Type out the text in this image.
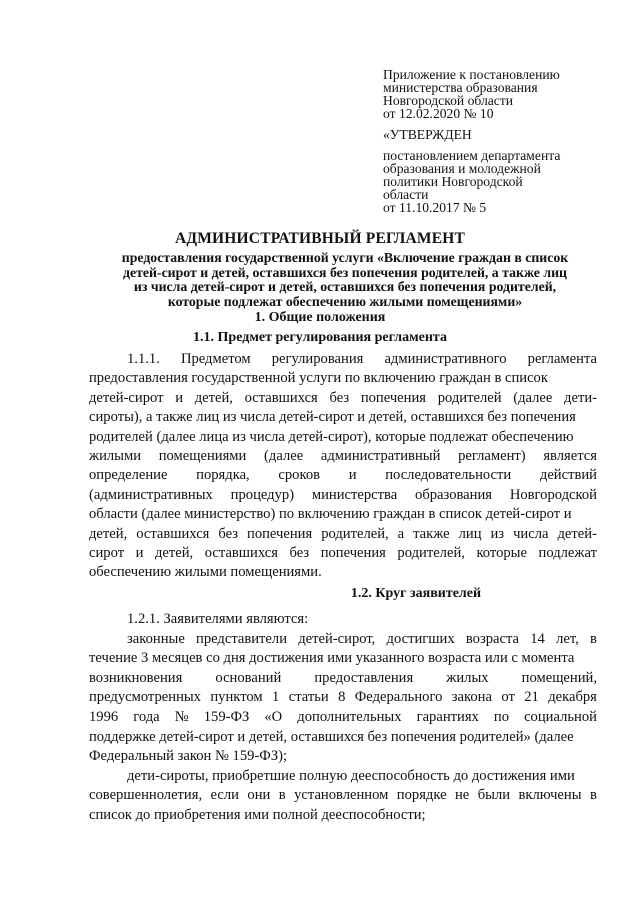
Приложение к постановлению
министерства образования
Новгородской области
от 12.02.2020 № 10
«УТВЕРЖДЕН
постановлением департамента
образования и молодежной
политики Новгородской
области
от 11.10.2017 № 5
АДМИНИСТРАТИВНЫЙ РЕГЛАМЕНТ
предоставления государственной услуги «Включение граждан в список
детей-сирот и детей, оставшихся без попечения родителей, а также лиц
из числа детей-сирот и детей, оставшихся без попечения родителей,
которые подлежат обеспечению жилыми помещениями»
1. Общие положения
1.1. Предмет регулирования регламента
1.1.1. Предметом регулирования административного регламента
предоставления государственной услуги по включению граждан в список
детей-сирот и детей, оставшихся без попечения родителей (далее дети-
сироты), а также лиц из числа детей-сирот и детей, оставшихся без попечения
родителей (далее лица из числа детей-сирот), которые подлежат обеспечению
жилыми помещениями (далее административный регламент) является
определение порядка, сроков и последовательности действий
(административных процедур) министерства образования Новгородской
области (далее министерство) по включению граждан в список детей-сирот и
детей, оставшихся без попечения родителей, а также лиц из числа детей-
сирот и детей, оставшихся без попечения родителей, которые подлежат
обеспечению жилыми помещениями.
1.2. Круг заявителей
1.2.1. Заявителями являются:
законные представители детей-сирот, достигших возраста 14 лет, в
течение 3 месяцев со дня достижения ими указанного возраста или с момента
возникновения оснований предоставления жилых помещений,
предусмотренных пунктом 1 статьи 8 Федерального закона от 21 декабря
1996 года № 159-ФЗ «О дополнительных гарантиях по социальной
поддержке детей-сирот и детей, оставшихся без попечения родителей» (далее
Федеральный закон № 159-ФЗ);
дети-сироты, приобретшие полную дееспособность до достижения ими
совершеннолетия, если они в установленном порядке не были включены в
список до приобретения ими полной дееспособности;
